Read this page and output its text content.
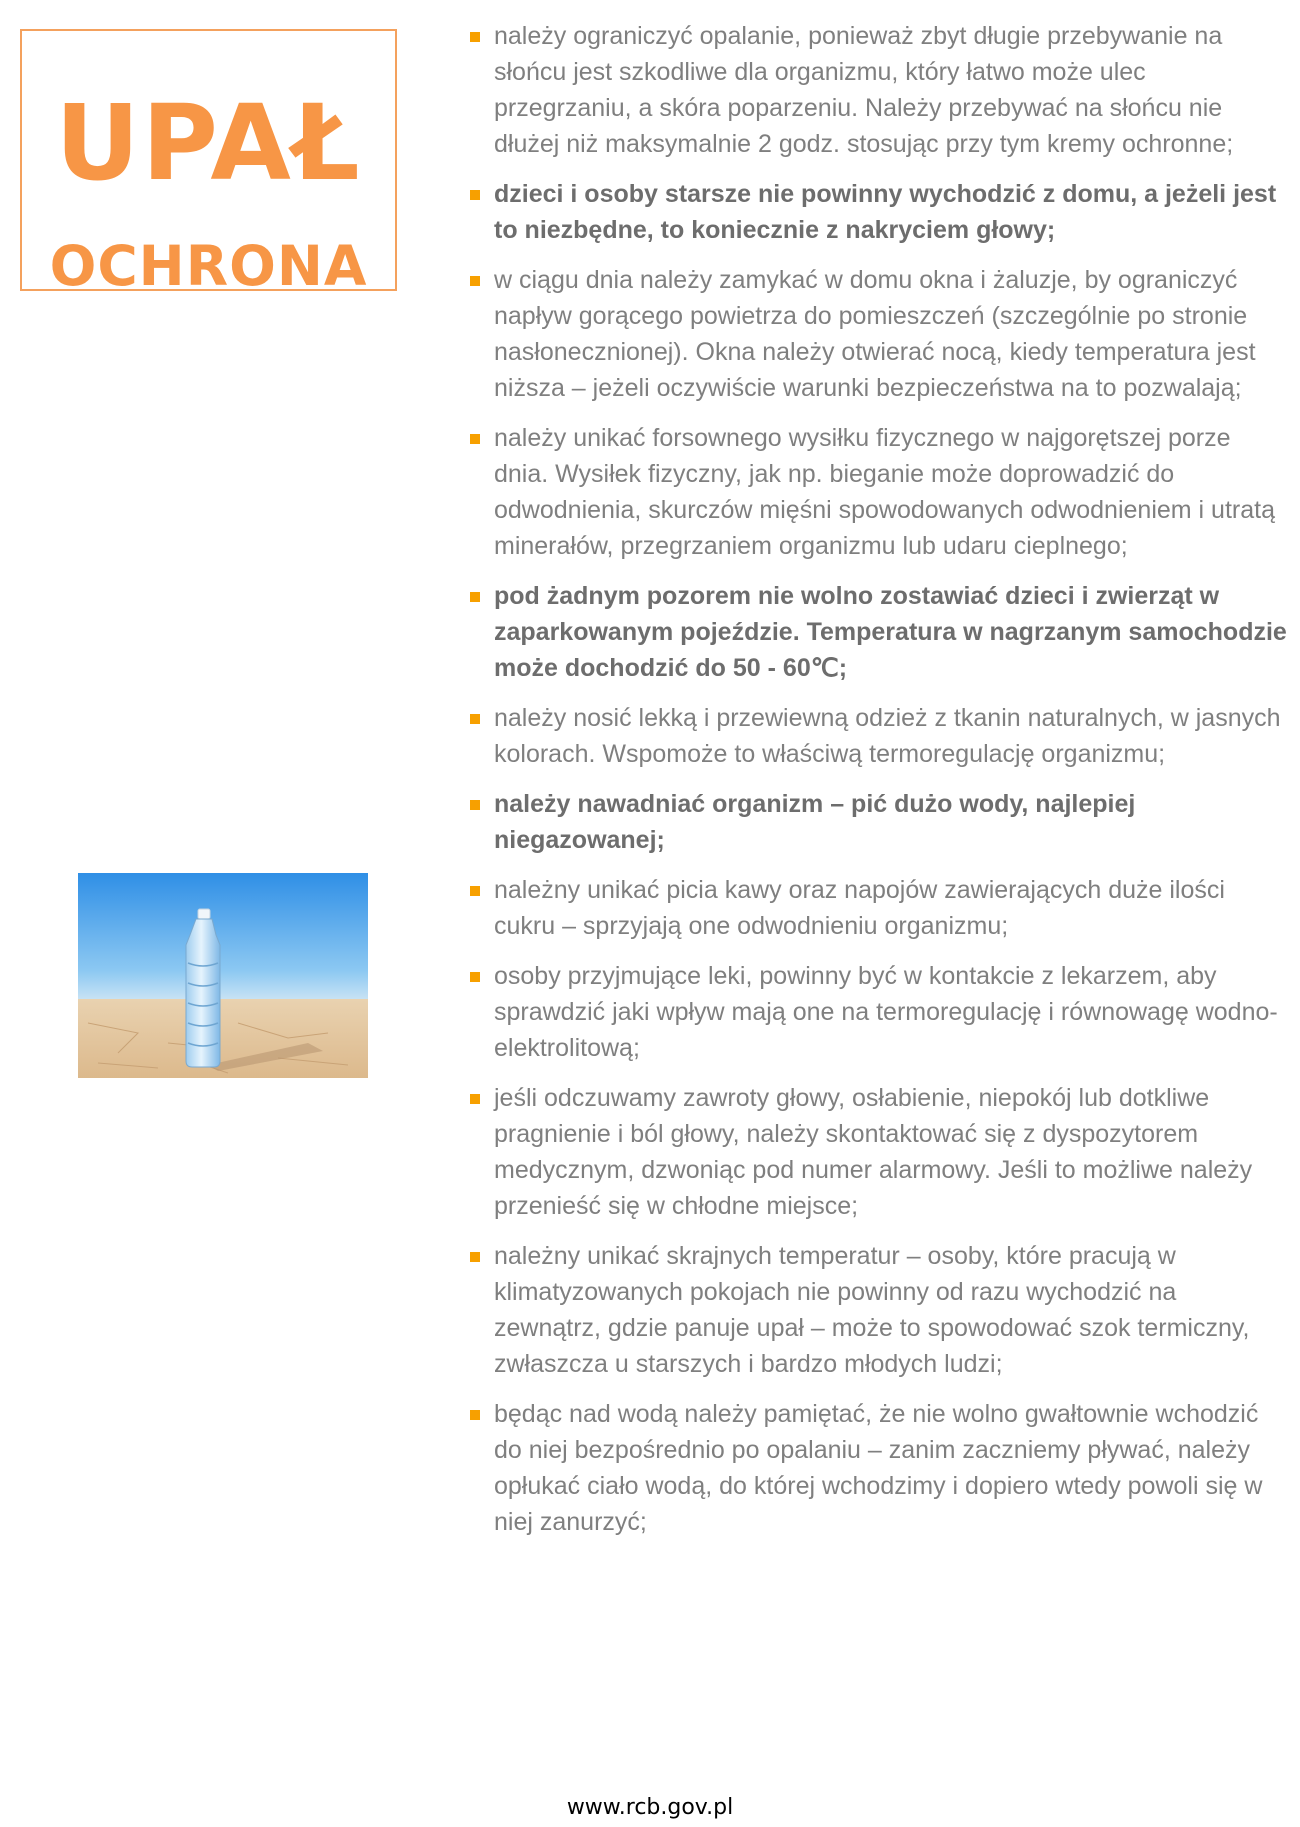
UPAŁ
OCHRONA
należy ograniczyć opalanie, ponieważ zbyt długie przebywanie na słońcu jest szkodliwe dla organizmu, który łatwo może ulec przegrzaniu, a skóra poparzeniu. Należy przebywać na słońcu nie dłużej niż maksymalnie 2 godz. stosując przy tym kremy ochronne;
dzieci i osoby starsze nie powinny wychodzić z domu, a jeżeli jest to niezbędne, to koniecznie z nakryciem głowy;
w ciągu dnia należy zamykać w domu okna i żaluzje, by ograniczyć napływ gorącego powietrza do pomieszczeń (szczególnie po stronie nasłonecznionej). Okna należy otwierać nocą, kiedy temperatura jest niższa – jeżeli oczywiście warunki bezpieczeństwa na to pozwalają;
należy unikać forsownego wysiłku fizycznego w najgorętszej porze dnia. Wysiłek fizyczny, jak np. bieganie może doprowadzić do odwodnienia, skurczów mięśni spowodowanych odwodnieniem i utratą minerałów, przegrzaniem organizmu lub udaru cieplnego;
pod żadnym pozorem nie wolno zostawiać dzieci i zwierząt w zaparkowanym pojeździe. Temperatura w nagrzanym samochodzie może dochodzić do 50 - 60℃;
należy nosić lekką i przewiewną odzież z tkanin naturalnych, w jasnych kolorach. Wspomoże to właściwą termoregulację organizmu;
należy nawadniać organizm – pić dużo wody, najlepiej niegazowanej;
należny unikać picia kawy oraz napojów zawierających duże ilości cukru – sprzyjają one odwodnieniu organizmu;
osoby przyjmujące leki, powinny być w kontakcie z lekarzem, aby sprawdzić jaki wpływ mają one na termoregulację i równowagę wodno-elektrolitową;
jeśli odczuwamy zawroty głowy, osłabienie, niepokój lub dotkliwe pragnienie i ból głowy, należy skontaktować się z dyspozytorem medycznym, dzwoniąc pod numer alarmowy. Jeśli to możliwe należy przenieść się w chłodne miejsce;
należny unikać skrajnych temperatur – osoby, które pracują w klimatyzowanych pokojach nie powinny od razu wychodzić na zewnątrz, gdzie panuje upał – może to spowodować szok termiczny, zwłaszcza u starszych i bardzo młodych ludzi;
będąc nad wodą należy pamiętać, że nie wolno gwałtownie wchodzić do niej bezpośrednio po opalaniu – zanim zaczniemy pływać, należy opłukać ciało wodą, do której wchodzimy i dopiero wtedy powoli się w niej zanurzyć;
www.rcb.gov.pl
